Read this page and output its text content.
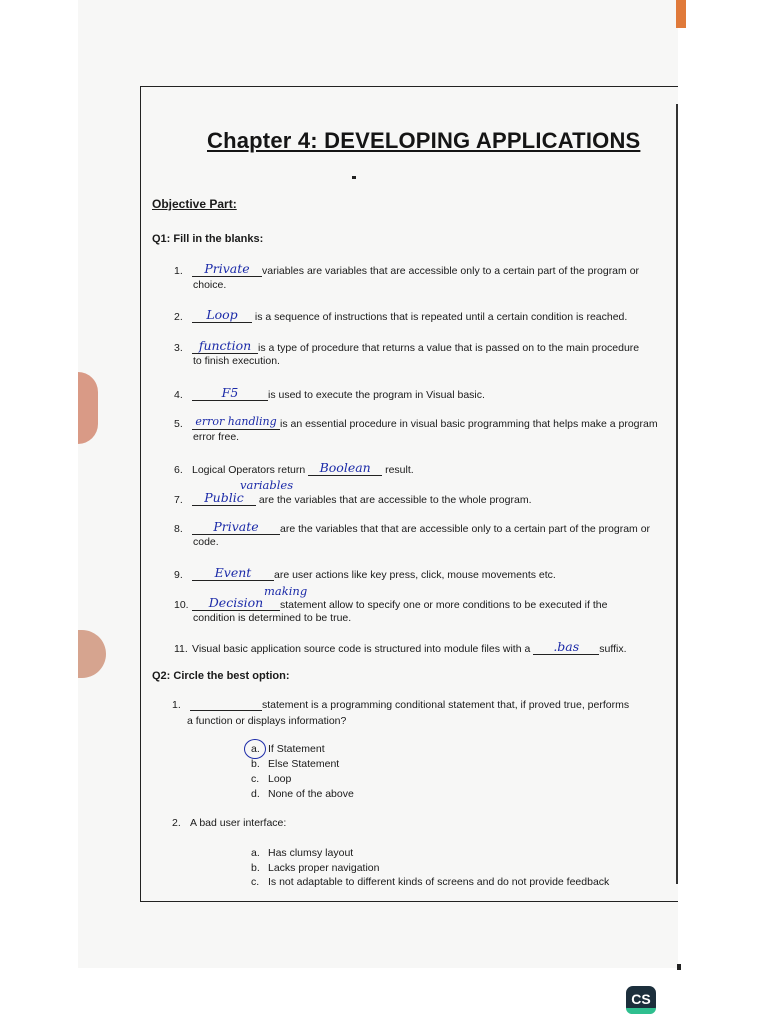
Chapter 4: DEVELOPING APPLICATIONS
Objective Part:
Q1: Fill in the blanks:
1. Private variables are variables that are accessible only to a certain part of the program or
choice.
2. Loop is a sequence of instructions that is repeated until a certain condition is reached.
3. function is a type of procedure that returns a value that is passed on to the main procedure
to finish execution.
4.	F5	is used to execute the program in Visual basic.
5. error handling is an essential procedure in visual basic programming that helps make a program
error free.
6. Logical Operators return Boolean result.
variables
7. Public are the variables that are accessible to the whole program.
8. Private are the variables that that are accessible only to a certain part of the program or
code.
9.	Event are user actions like key press, click, mouse movements etc.
making
10. Decision statement allow to specify one or more conditions to be executed if the
condition is determined to be true.
11. Visual basic application source code is structured into module files with a .bas suffix.
Q2: Circle the best option:
1.	statement is a programming conditional statement that, if proved true, performs
a function or displays information?
a. If Statement
b. Else Statement
c. Loop
d. None of the above
2. A bad user interface:
a. Has clumsy layout
b. Lacks proper navigation
c. Is not adaptable to different kinds of screens and do not provide feedback
CS
